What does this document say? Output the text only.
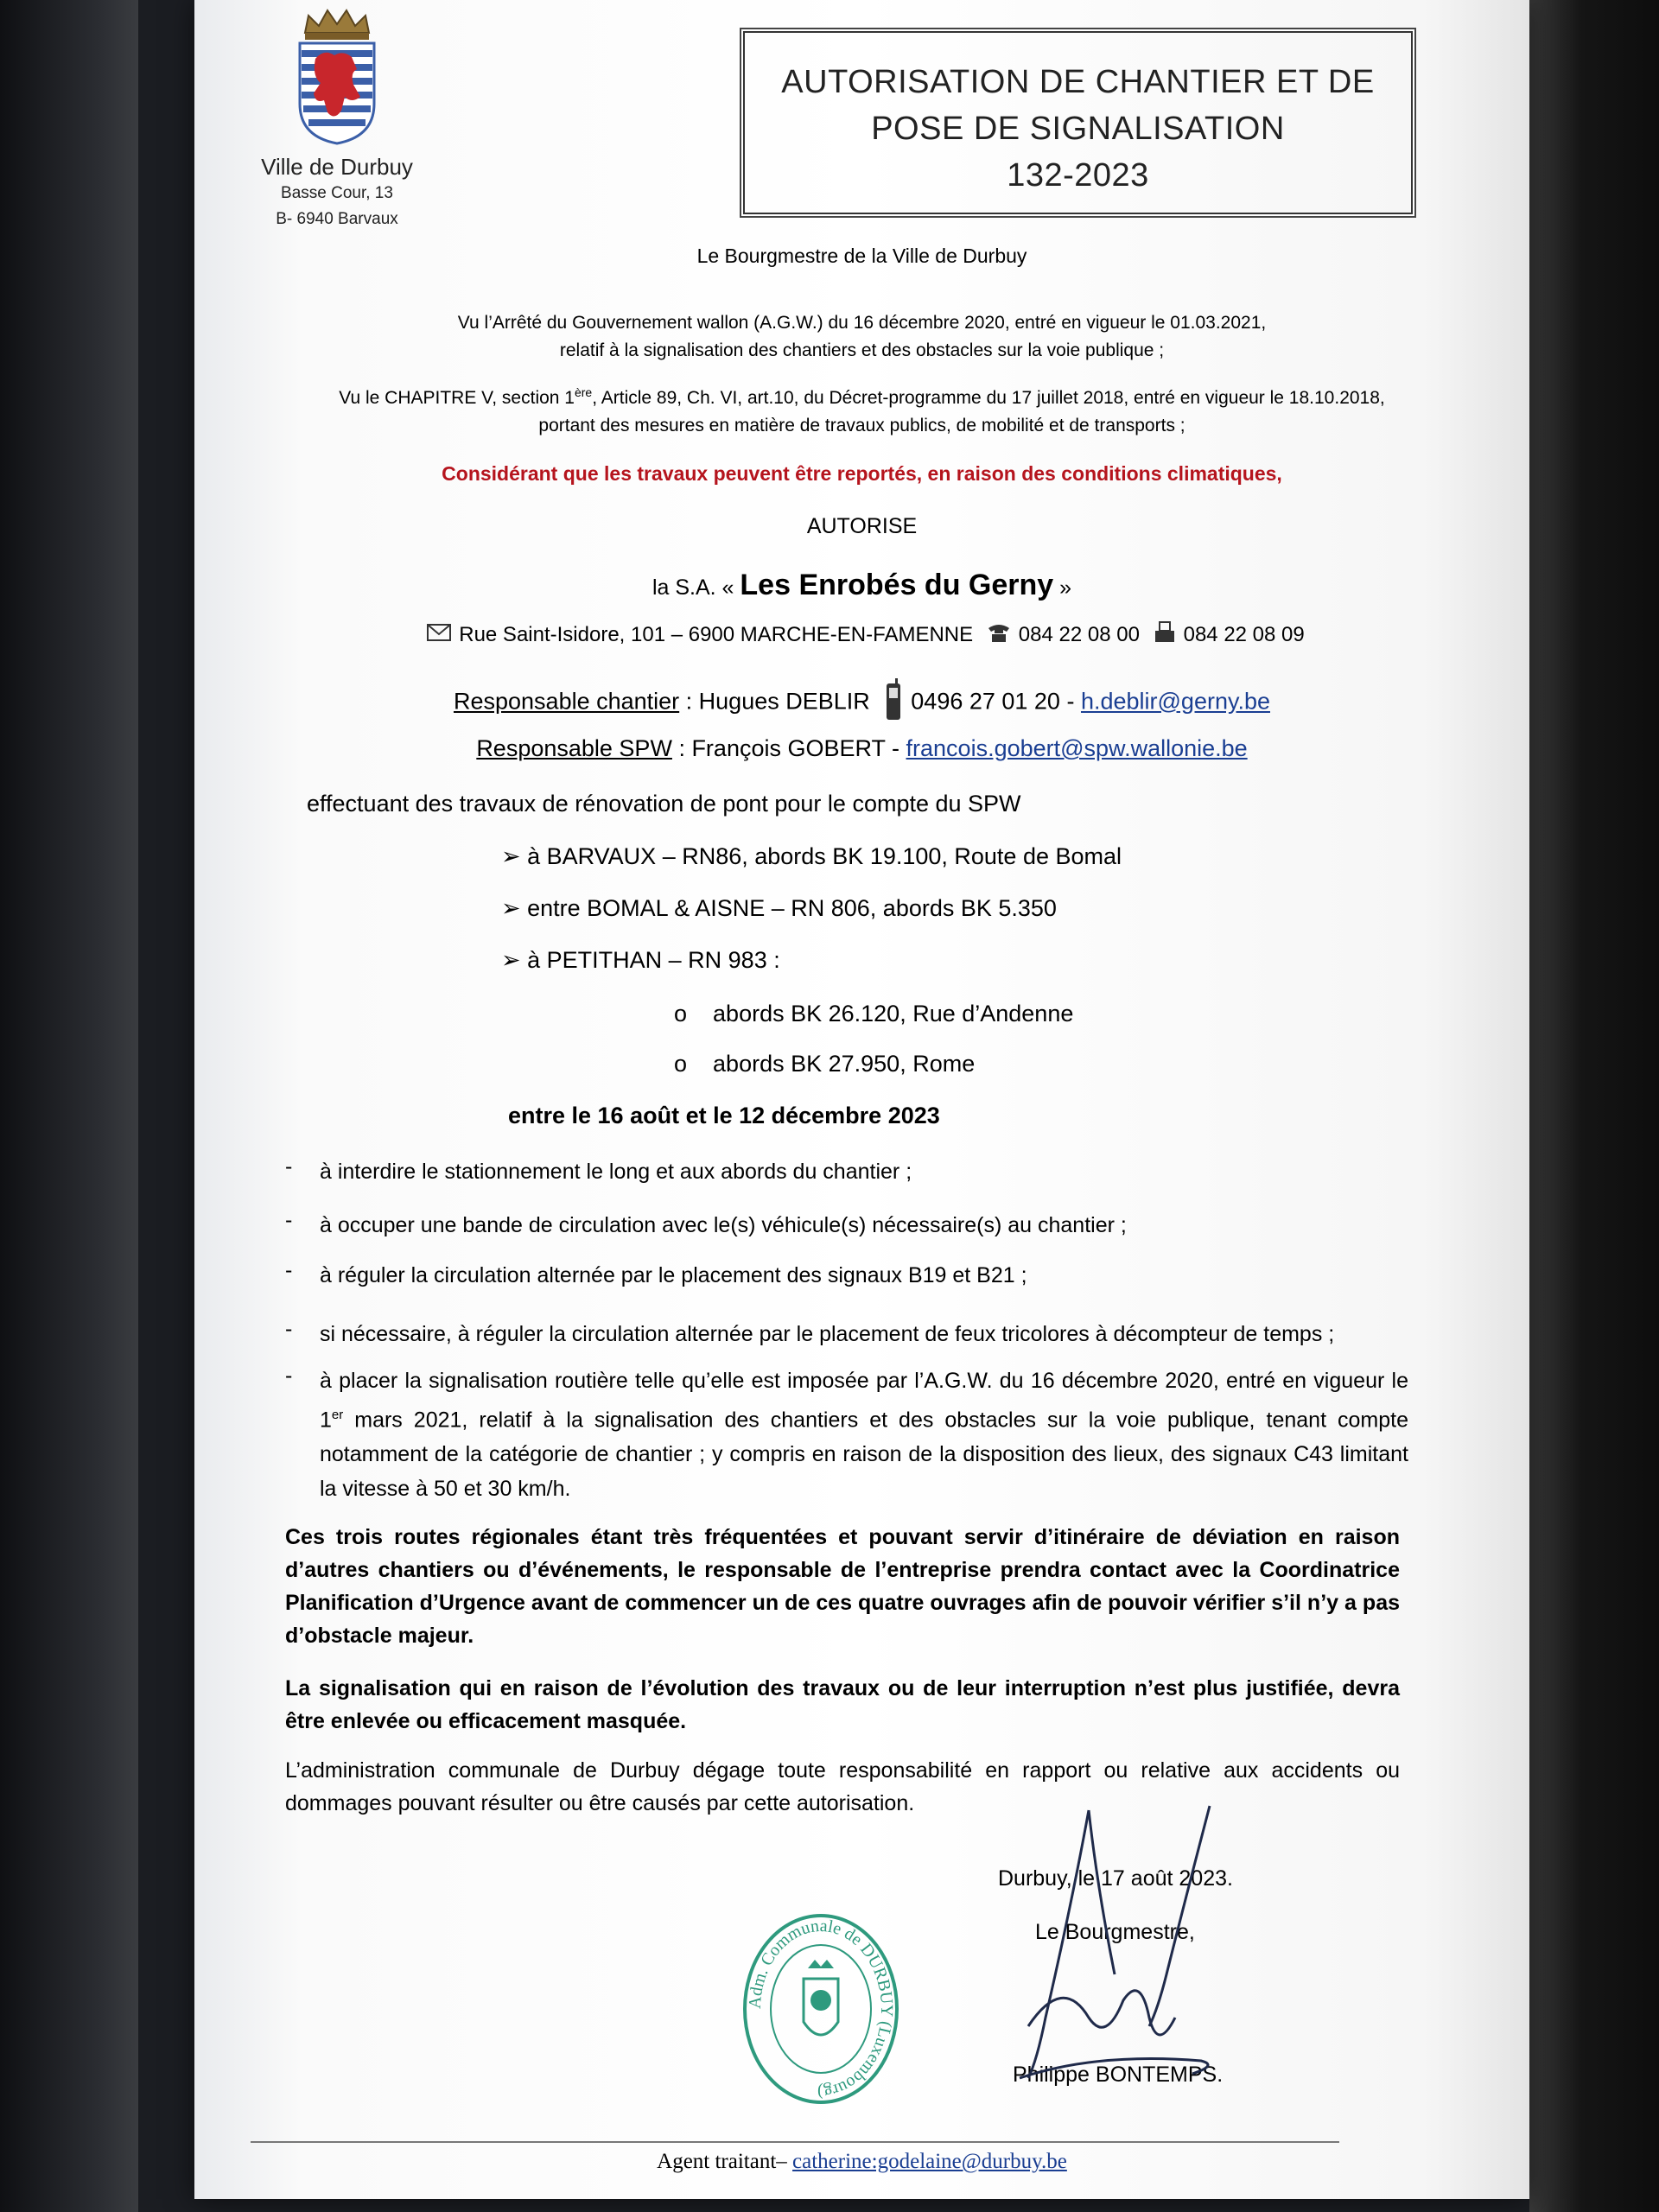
Ville de Durbuy
Basse Cour, 13
B- 6940 Barvaux
AUTORISATION DE CHANTIER ET DE
POSE DE SIGNALISATION
132-2023
Le Bourgmestre de la Ville de Durbuy
Vu l’Arrêté du Gouvernement wallon (A.G.W.) du 16 décembre 2020, entré en vigueur le 01.03.2021,
relatif à la signalisation des chantiers et des obstacles sur la voie publique ;
Vu le CHAPITRE V, section 1ère, Article 89, Ch. VI, art.10, du Décret-programme du 17 juillet 2018, entré en vigueur le 18.10.2018,
portant des mesures en matière de travaux publics, de mobilité et de transports ;
Considérant que les travaux peuvent être reportés, en raison des conditions climatiques,
AUTORISE
la S.A. « Les Enrobés du Gerny »
Rue Saint-Isidore, 101 – 6900 MARCHE-EN-FAMENNE 084 22 08 00 084 22 08 09
Responsable chantier : Hugues DEBLIR 0496 27 01 20 - h.deblir@gerny.be
Responsable SPW : François GOBERT - francois.gobert@spw.wallonie.be
effectuant des travaux de rénovation de pont pour le compte du SPW
➢ à BARVAUX – RN86, abords BK 19.100, Route de Bomal
➢ entre BOMAL & AISNE – RN 806, abords BK 5.350
➢ à PETITHAN – RN 983 :
o abords BK 26.120, Rue d’Andenne
o abords BK 27.950, Rome
entre le 16 août et le 12 décembre 2023
- à interdire le stationnement le long et aux abords du chantier ;
- à occuper une bande de circulation avec le(s) véhicule(s) nécessaire(s) au chantier ;
- à réguler la circulation alternée par le placement des signaux B19 et B21 ;
- si nécessaire, à réguler la circulation alternée par le placement de feux tricolores à décompteur de temps ;
- à placer la signalisation routière telle qu’elle est imposée par l’A.G.W. du 16 décembre 2020, entré en vigueur le 1er mars 2021, relatif à la signalisation des chantiers et des obstacles sur la voie publique, tenant compte notamment de la catégorie de chantier ; y compris en raison de la disposition des lieux, des signaux C43 limitant la vitesse à 50 et 30 km/h.
Ces trois routes régionales étant très fréquentées et pouvant servir d’itinéraire de déviation en raison d’autres chantiers ou d’événements, le responsable de l’entreprise prendra contact avec la Coordinatrice Planification d’Urgence avant de commencer un de ces quatre ouvrages afin de pouvoir vérifier s’il n’y a pas d’obstacle majeur.
La signalisation qui en raison de l’évolution des travaux ou de leur interruption n’est plus justifiée, devra être enlevée ou efficacement masquée.
L’administration communale de Durbuy dégage toute responsabilité en rapport ou relative aux accidents ou dommages pouvant résulter ou être causés par cette autorisation.
Durbuy, le 17 août 2023.
Le Bourgmestre,
Philippe BONTEMPS.
Adm. Communale de DURBUY (Luxembourg)
Agent traitant– catherine:godelaine@durbuy.be
